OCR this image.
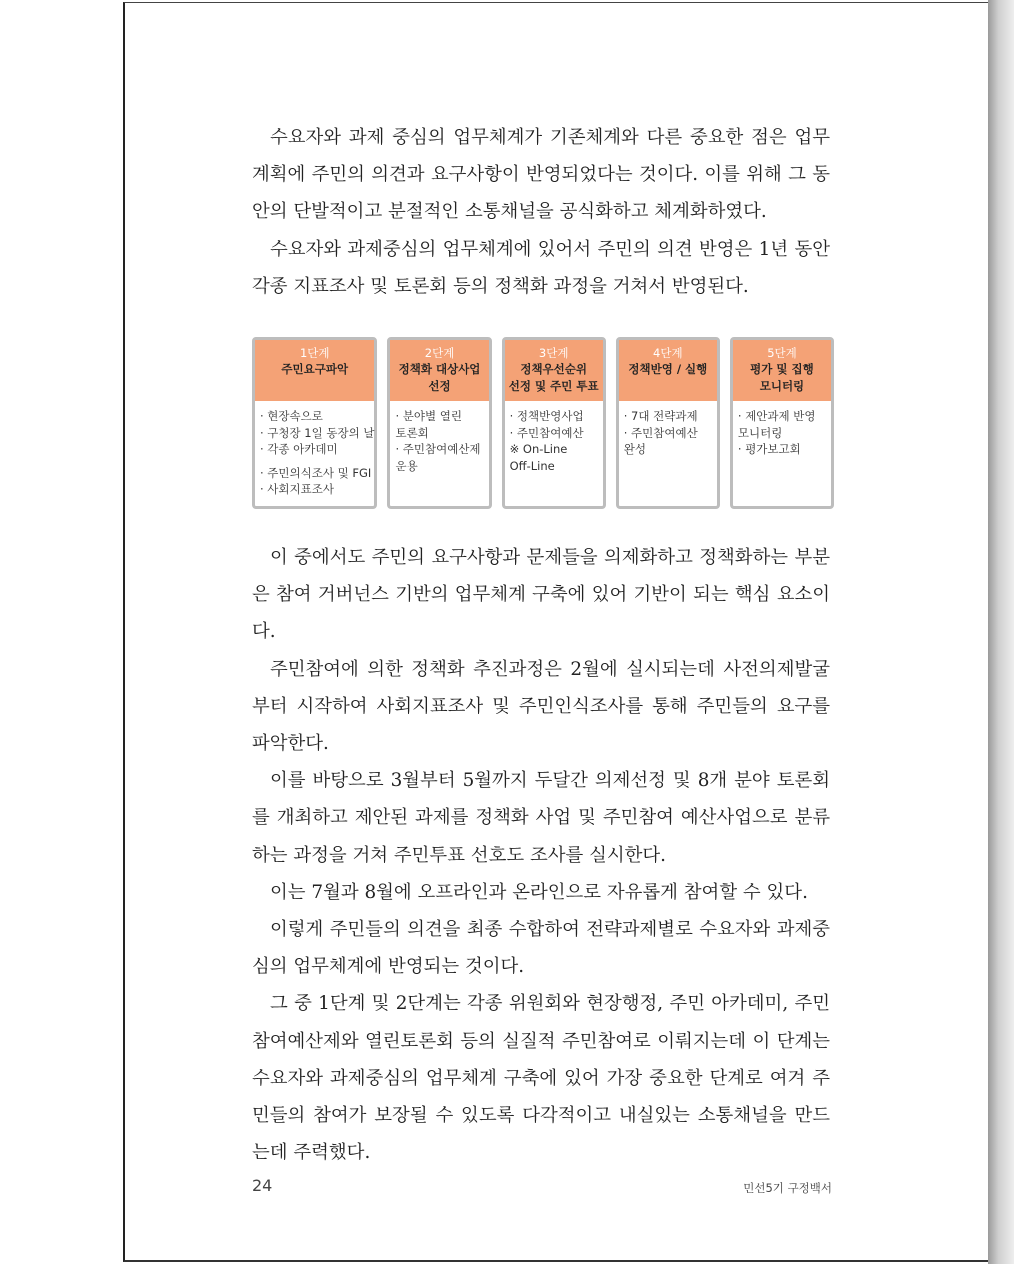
수요자와 과제 중심의 업무체계가 기존체계와 다른 중요한 점은 업무계획에 주민의 의견과 요구사항이 반영되었다는 것이다. 이를 위해 그 동안의 단발적이고 분절적인 소통채널을 공식화하고 체계화하였다.

수요자와 과제중심의 업무체계에 있어서 주민의 의견 반영은 1년 동안 각종 지표조사 및 토론회 등의 정책화 과정을 거쳐서 반영된다.

1단계
주민요구파악
· 현장속으로
· 구청장 1일 동장의 날
· 각종 아카데미
· 주민의식조사 및 FGI
· 사회지표조사
2단계
정책화 대상사업
선정
· 분야별 열린
토론회
· 주민참여예산제
운용
3단계
정책우선순위
선정 및 주민 투표
· 정책반영사업
· 주민참여예산
※ On-Line
Off-Line
4단계
정책반영 / 실행
· 7대 전략과제
· 주민참여예산
완성
5단계
평가 및 집행
모니터링
· 제안과제 반영
모니터링
· 평가보고회

이 중에서도 주민의 요구사항과 문제들을 의제화하고 정책화하는 부분은 참여 거버넌스 기반의 업무체계 구축에 있어 기반이 되는 핵심 요소이다.

주민참여에 의한 정책화 추진과정은 2월에 실시되는데 사전의제발굴부터 시작하여 사회지표조사 및 주민인식조사를 통해 주민들의 요구를 파악한다.

이를 바탕으로 3월부터 5월까지 두달간 의제선정 및 8개 분야 토론회를 개최하고 제안된 과제를 정책화 사업 및 주민참여 예산사업으로 분류하는 과정을 거쳐 주민투표 선호도 조사를 실시한다.

이는 7월과 8월에 오프라인과 온라인으로 자유롭게 참여할 수 있다.

이렇게 주민들의 의견을 최종 수합하여 전략과제별로 수요자와 과제중심의 업무체계에 반영되는 것이다.

그 중 1단계 및 2단계는 각종 위원회와 현장행정, 주민 아카데미, 주민참여예산제와 열린토론회 등의 실질적 주민참여로 이뤄지는데 이 단계는 수요자와 과제중심의 업무체계 구축에 있어 가장 중요한 단계로 여겨 주민들의 참여가 보장될 수 있도록 다각적이고 내실있는 소통채널을 만드는데 주력했다.

24	민선5기 구정백서
